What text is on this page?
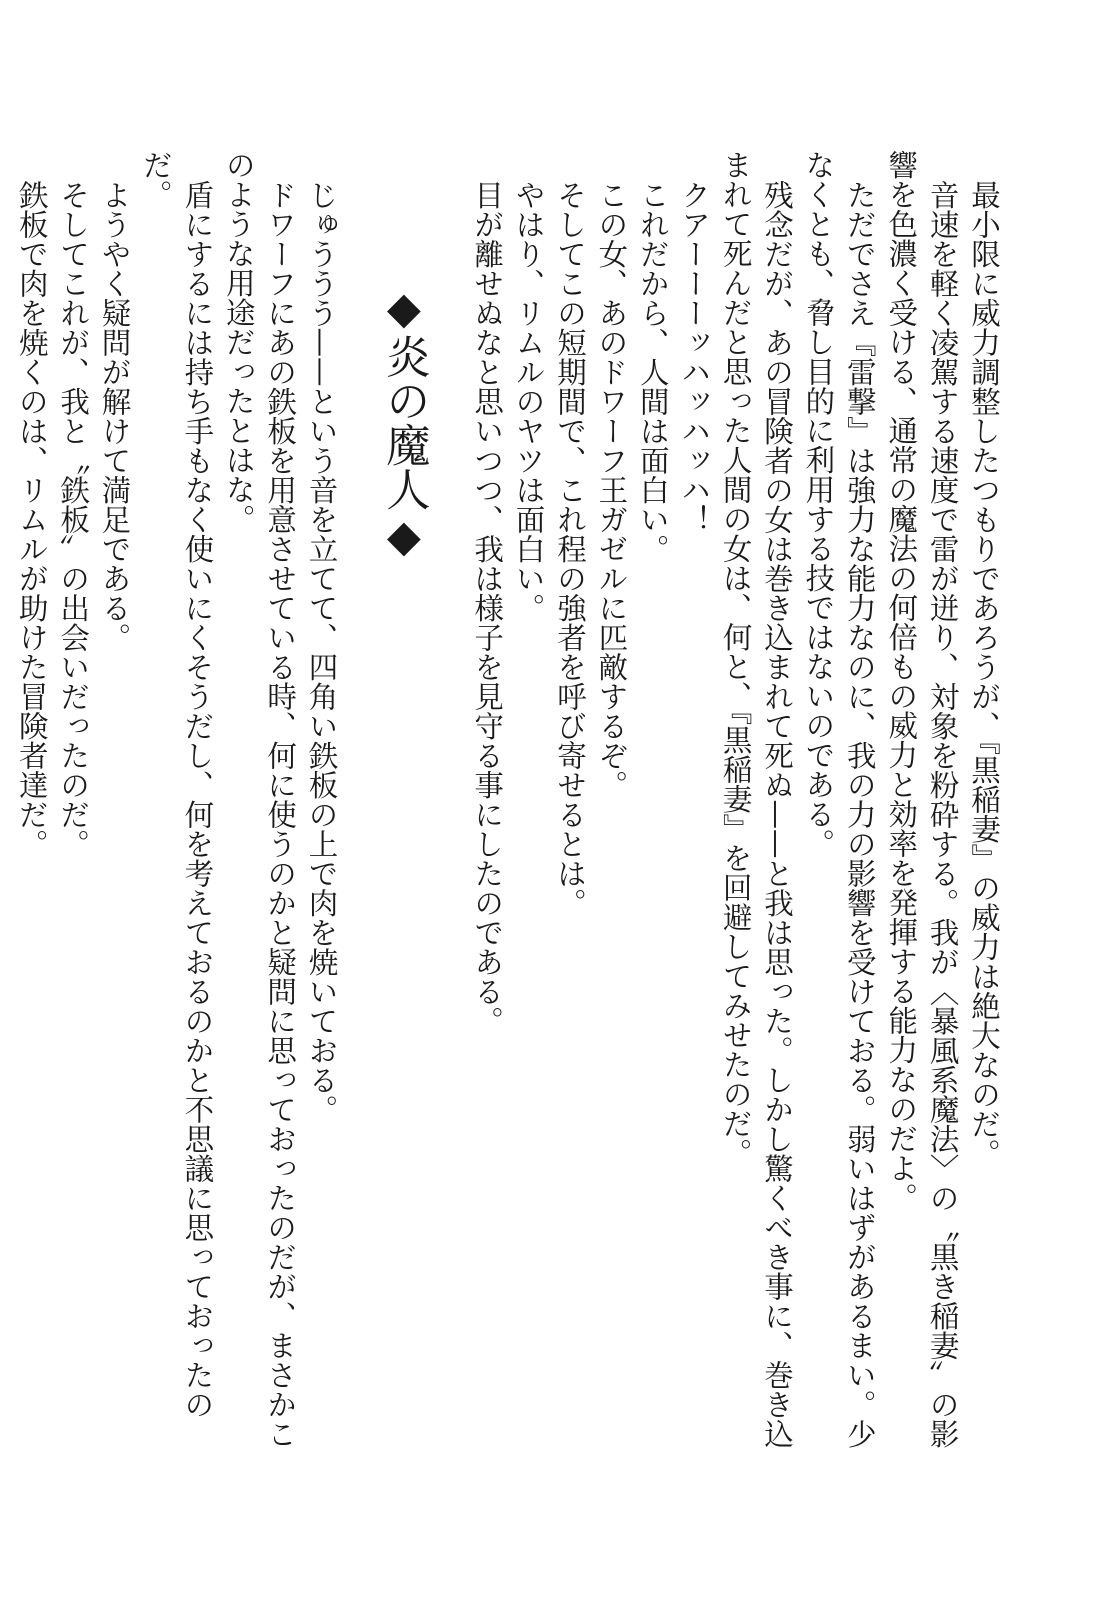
最小限に威力調整したつもりであろうが、『黒稲妻』の威力は絶大なのだ。

音速を軽く凌駕する速度で雷が迸り、対象を粉砕する。我が〈暴風系魔法〉の〝黒き稲妻〟の影響を色濃く受ける、通常の魔法の何倍もの威力と効率を発揮する能力なのだよ。

ただでさえ『雷撃』は強力な能力なのに、我の力の影響を受けておる。弱いはずがあるまい。少なくとも、脅し目的に利用する技ではないのである。

残念だが、あの冒険者の女は巻き込まれて死ぬ——と我は思った。しかし驚くべき事に、巻き込まれて死んだと思った人間の女は、何と、『黒稲妻』を回避してみせたのだ。

クアーーーッハッハッハ！

これだから、人間は面白い。

この女、あのドワーフ王ガゼルに匹敵するぞ。

そしてこの短期間で、これ程の強者を呼び寄せるとは。

やはり、リムルのヤツは面白い。

目が離せぬなと思いつつ、我は様子を見守る事にしたのである。

◆炎の魔人◆

じゅううう——という音を立てて、四角い鉄板の上で肉を焼いておる。

ドワーフにあの鉄板を用意させている時、何に使うのかと疑問に思っておったのだが、まさかこのような用途だったとはな。

盾にするには持ち手もなく使いにくそうだし、何を考えておるのかと不思議に思っておったのだ。

ようやく疑問が解けて満足である。

そしてこれが、我と〝鉄板〟の出会いだったのだ。

鉄板で肉を焼くのは、リムルが助けた冒険者達だ。
